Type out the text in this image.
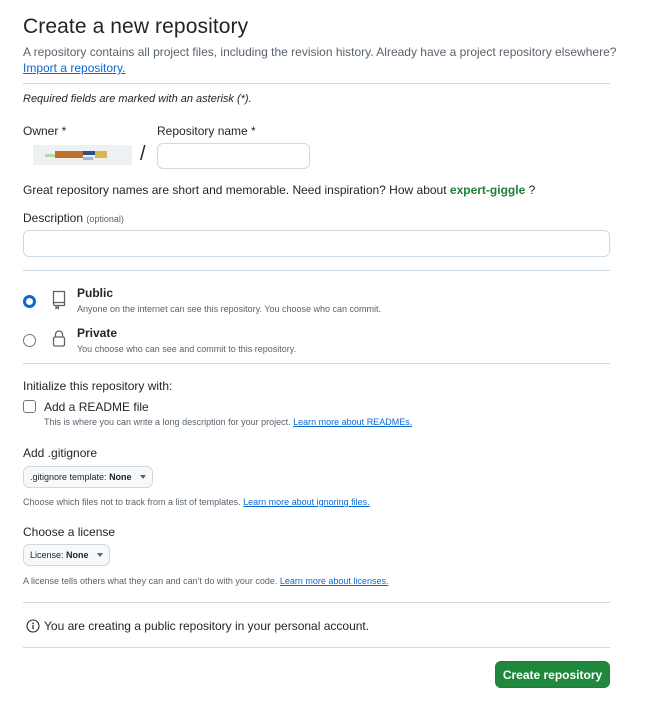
Create a new repository
A repository contains all project files, including the revision history. Already have a project repository elsewhere?
Import a repository.
Required fields are marked with an asterisk (*).
Owner *	Repository name *
/
Great repository names are short and memorable. Need inspiration? How about expert-giggle ?
Description (optional)
Public
Anyone on the internet can see this repository. You choose who can commit.
Private
You choose who can see and commit to this repository.
Initialize this repository with:
Add a README file
This is where you can write a long description for your project. Learn more about READMEs.
Add .gitignore
.gitignore template: None
Choose which files not to track from a list of templates. Learn more about ignoring files.
Choose a license
License: None
A license tells others what they can and can't do with your code. Learn more about licenses.
You are creating a public repository in your personal account.
Create repository
